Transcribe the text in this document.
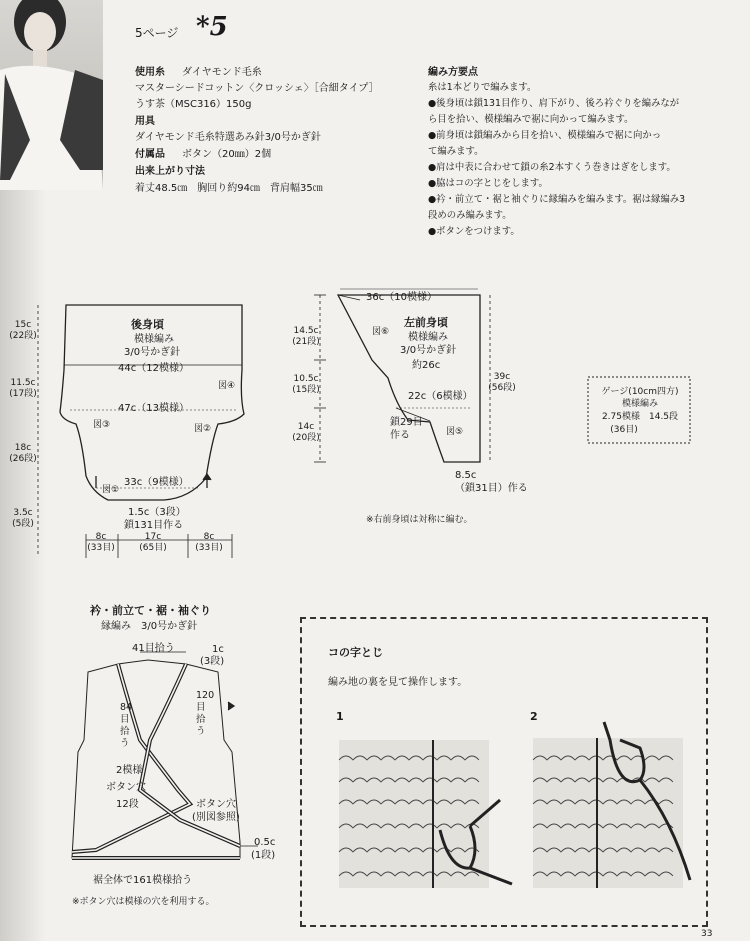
5ページ *5
使用糸 ダイヤモンド毛糸
マスターシードコットン〈クロッシェ〉［合細タイプ］
うす茶（MSC316）150g
用具
ダイヤモンド毛糸特選あみ針3/0号かぎ針
付属品 ボタン（20㎜）2個
出来上がり寸法
着丈48.5㎝　胸回り約94㎝　背肩幅35㎝
編み方要点
糸は1本どりで編みます。
●後身頃は鎖131目作り、肩下がり、後ろ衿ぐりを編みなが
ら目を拾い、模様編みで裾に向かって編みます。
●前身頃は鎖編みから目を拾い、模様編みで裾に向かっ
て編みます。
●肩は中表に合わせて鎖の糸2本すくう巻きはぎをします。
●脇はコの字とじをします。
●衿・前立て・裾と袖ぐりに縁編みを編みます。裾は縁編み3
段めのみ編みます。
●ボタンをつけます。
後身頃
模様編み
3/0号かぎ針
44c（12模様）
47c（13模様）
図④
図③	図②
33c（9模様）
図①
1.5c（3段）
鎖131目作る
15c
(22段)
11.5c
(17段)
18c
(26段)
3.5c
(5段)
8c
(33目)
17c
(65目)
8c
(33目)
36c（10模様）
左前身頃
模様編み
3/0号かぎ針
図⑥
約26c
22c（6模様）
鎖29目
作る	図⑤
8.5c
（鎖31目）作る
14.5c
(21段)
10.5c
(15段)
14c
(20段)
39c
(56段)
※右前身頃は対称に編む。
ゲージ(10cm四方)
模様編み
2.75模様　14.5段
(36目)
衿・前立て・裾・袖ぐり
縁編み　3/0号かぎ針
41目拾う	1c
(3段)
120目拾う
84目拾う
2模様
ボタン穴
12段	ボタン穴
(別図参照)
0.5c
(1段)
裾全体で161模様拾う
※ボタン穴は模様の穴を利用する。
コの字とじ
編み地の裏を見て操作します。
1	2
33
